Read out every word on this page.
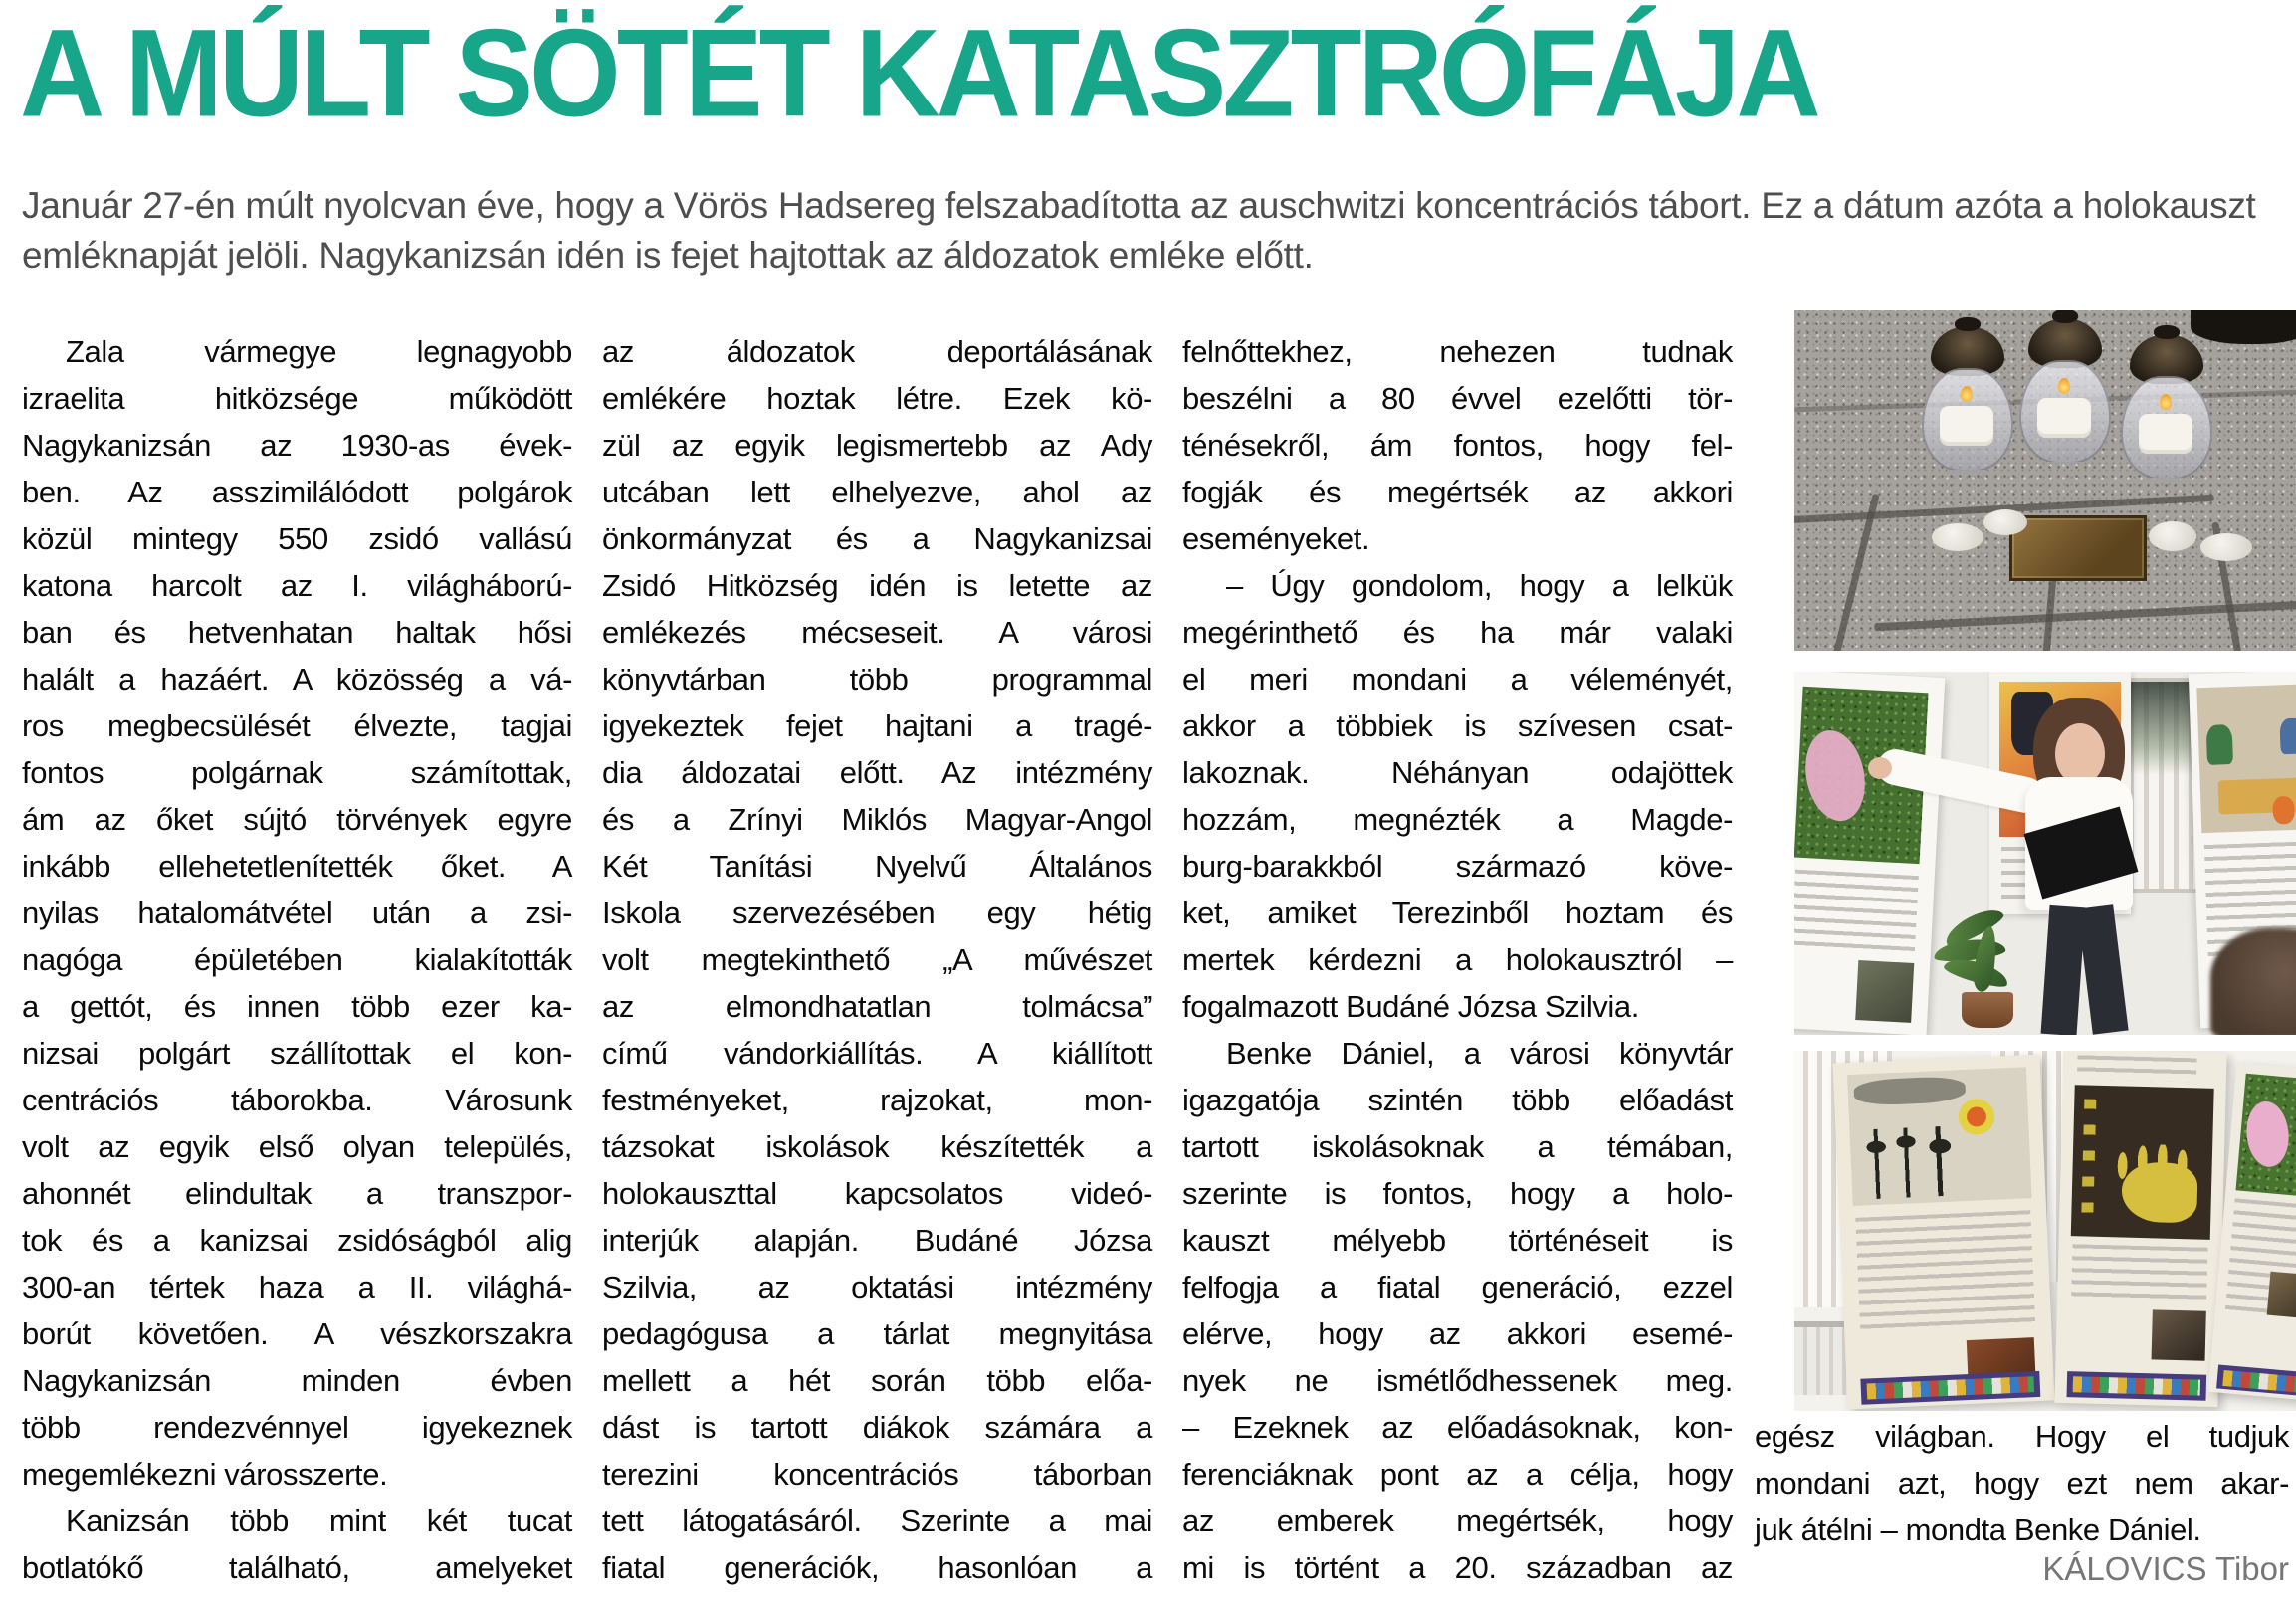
A MÚLT SÖTÉT KATASZTRÓFÁJA

Január 27-én múlt nyolcvan éve, hogy a Vörös Hadsereg felszabadította az auschwitzi koncentrációs tábort. Ez a dátum azóta a holokauszt emléknapját jelöli. Nagykanizsán idén is fejet hajtottak az áldozatok emléke előtt.

Zala vármegye legnagyobb
izraelita hitközsége működött
Nagykanizsán az 1930-as évek-
ben. Az asszimilálódott polgárok
közül mintegy 550 zsidó vallású
katona harcolt az I. világháború-
ban és hetvenhatan haltak hősi
halált a hazáért. A közösség a vá-
ros megbecsülését élvezte, tagjai
fontos polgárnak számítottak,
ám az őket sújtó törvények egyre
inkább ellehetetlenítették őket. A
nyilas hatalomátvétel után a zsi-
nagóga épületében kialakították
a gettót, és innen több ezer ka-
nizsai polgárt szállítottak el kon-
centrációs táborokba. Városunk
volt az egyik első olyan település,
ahonnét elindultak a transzpor-
tok és a kanizsai zsidóságból alig
300-an tértek haza a II. világhá-
borút követően. A vészkorszakra
Nagykanizsán minden évben
több rendezvénnyel igyekeznek
megemlékezni városszerte.
Kanizsán több mint két tucat
botlatókő található, amelyeket
az áldozatok deportálásának
emlékére hoztak létre. Ezek kö-
zül az egyik legismertebb az Ady
utcában lett elhelyezve, ahol az
önkormányzat és a Nagykanizsai
Zsidó Hitközség idén is letette az
emlékezés mécseseit. A városi
könyvtárban több programmal
igyekeztek fejet hajtani a tragé-
dia áldozatai előtt. Az intézmény
és a Zrínyi Miklós Magyar-Angol
Két Tanítási Nyelvű Általános
Iskola szervezésében egy hétig
volt megtekinthető „A művészet
az elmondhatatlan tolmácsa”
című vándorkiállítás. A kiállított
festményeket, rajzokat, mon-
tázsokat iskolások készítették a
holokauszttal kapcsolatos videó-
interjúk alapján. Budáné Józsa
Szilvia, az oktatási intézmény
pedagógusa a tárlat megnyitása
mellett a hét során több előa-
dást is tartott diákok számára a
terezini koncentrációs táborban
tett látogatásáról. Szerinte a mai
fiatal generációk, hasonlóan a
felnőttekhez, nehezen tudnak
beszélni a 80 évvel ezelőtti tör-
ténésekről, ám fontos, hogy fel-
fogják és megértsék az akkori
eseményeket.
– Úgy gondolom, hogy a lelkük
megérinthető és ha már valaki
el meri mondani a véleményét,
akkor a többiek is szívesen csat-
lakoznak. Néhányan odajöttek
hozzám, megnézték a Magde-
burg-barakkból származó köve-
ket, amiket Terezinből hoztam és
mertek kérdezni a holokausztról –
fogalmazott Budáné Józsa Szilvia.
Benke Dániel, a városi könyvtár
igazgatója szintén több előadást
tartott iskolásoknak a témában,
szerinte is fontos, hogy a holo-
kauszt mélyebb történéseit is
felfogja a fiatal generáció, ezzel
elérve, hogy az akkori esemé-
nyek ne ismétlődhessenek meg.
– Ezeknek az előadásoknak, kon-
ferenciáknak pont az a célja, hogy
az emberek megértsék, hogy
mi is történt a 20. században az
egész világban. Hogy el tudjuk
mondani azt, hogy ezt nem akar-
juk átélni – mondta Benke Dániel.
KÁLOVICS Tibor
